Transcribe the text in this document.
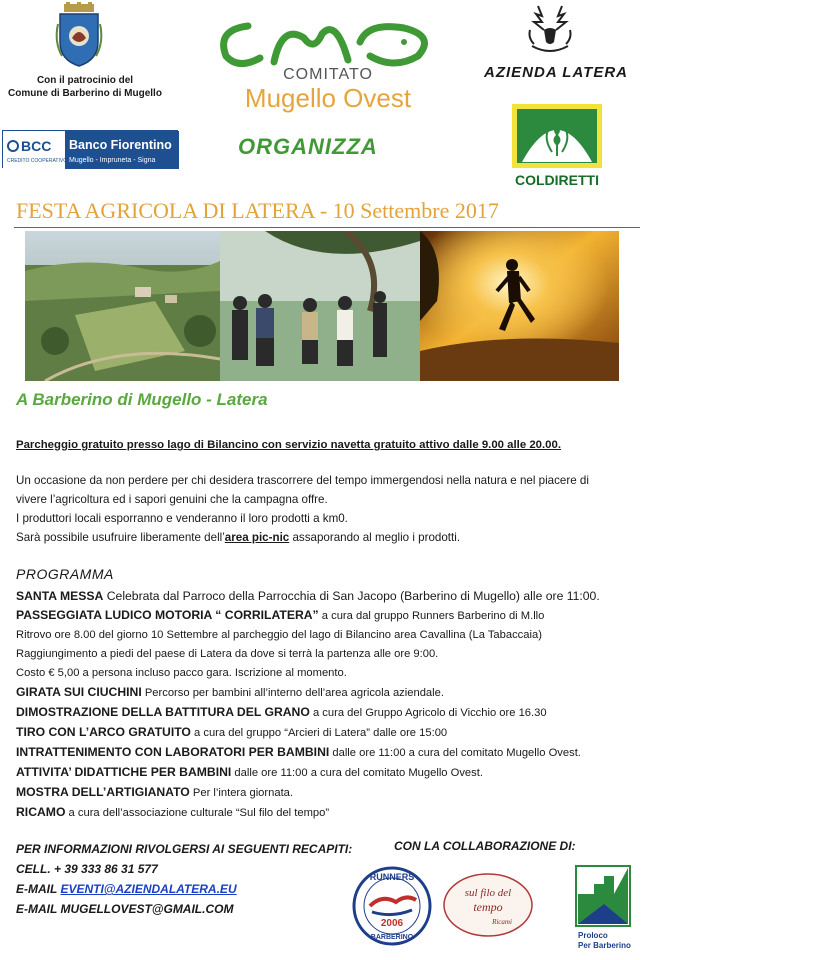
Con il patrocinio del
Comune di Barberino di Mugello
COMITATO
Mugello Ovest
AZIENDA LATERA
BCC
CREDITO COOPERATIVO
Banco Fiorentino
Mugello - Impruneta - Signa
ORGANIZZA
COLDIRETTI
FESTA AGRICOLA DI LATERA - 10 Settembre 2017
A Barberino di Mugello - Latera
Parcheggio gratuito presso lago di Bilancino con servizio navetta gratuito attivo dalle 9.00 alle 20.00.
Un occasione da non perdere per chi desidera trascorrere del tempo immergendosi nella natura e nel piacere di
vivere l’agricoltura ed i sapori genuini che la campagna offre.
I produttori locali esporranno e venderanno il loro prodotti a km0.
Sarà possibile usufruire liberamente dell’area pic-nic assaporando al meglio i prodotti.
PROGRAMMA
SANTA MESSA Celebrata dal Parroco della Parrocchia di San Jacopo (Barberino di Mugello) alle ore 11:00.
PASSEGGIATA LUDICO MOTORIA “ CORRILATERA” a cura dal gruppo Runners Barberino di M.llo
Ritrovo ore 8.00 del giorno 10 Settembre al parcheggio del lago di Bilancino area Cavallina (La Tabaccaia)
Raggiungimento a piedi del paese di Latera da dove si terrà la partenza alle ore 9:00.
Costo € 5,00 a persona incluso pacco gara. Iscrizione al momento.
GIRATA SUI CIUCHINI Percorso per bambini all’interno dell’area agricola aziendale.
DIMOSTRAZIONE DELLA BATTITURA DEL GRANO a cura del Gruppo Agricolo di Vicchio ore 16.30
TIRO CON L’ARCO GRATUITO a cura del gruppo “Arcieri di Latera” dalle ore 15:00
INTRATTENIMENTO CON LABORATORI PER BAMBINI dalle ore 11:00 a cura del comitato Mugello Ovest.
ATTIVITA’ DIDATTICHE PER BAMBINI dalle ore 11:00 a cura del comitato Mugello Ovest.
MOSTRA DELL’ARTIGIANATO Per l’intera giornata.
RICAMO a cura dell’associazione culturale “Sul filo del tempo”
PER INFORMAZIONI RIVOLGERSI AI SEGUENTI RECAPITI:
CELL. + 39 333 86 31 577
E-MAIL EVENTI@AZIENDALATERA.EU
E-MAIL MUGELLOVEST@GMAIL.COM
CON LA COLLABORAZIONE DI:
RUNNERS
2006
BARBERINO
sul filo del
tempo
Ricami
Proloco
Per Barberino
